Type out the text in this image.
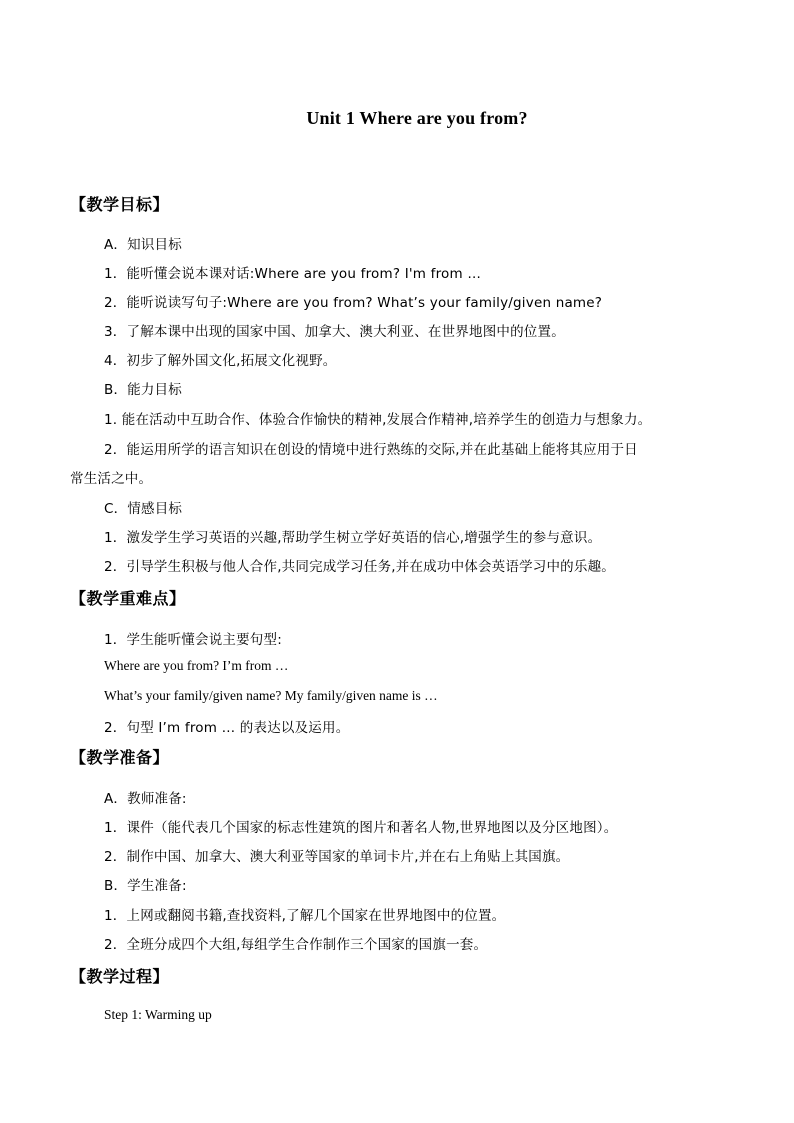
Unit 1 Where are you from?
【教学目标】
A．知识目标
1．能听懂会说本课对话:Where are you from? I'm from …
2．能听说读写句子:Where are you from? What’s your family/given name?
3．了解本课中出现的国家中国、加拿大、澳大利亚、在世界地图中的位置。
4．初步了解外国文化,拓展文化视野。
B．能力目标
1. 能在活动中互助合作、体验合作愉快的精神,发展合作精神,培养学生的创造力与想象力。
2．能运用所学的语言知识在创设的情境中进行熟练的交际,并在此基础上能将其应用于日
常生活之中。
C．情感目标
1．激发学生学习英语的兴趣,帮助学生树立学好英语的信心,增强学生的参与意识。
2．引导学生积极与他人合作,共同完成学习任务,并在成功中体会英语学习中的乐趣。
【教学重难点】
1．学生能听懂会说主要句型:
Where are you from? I’m from …
What’s your family/given name? My family/given name is …
2．句型 I’m from … 的表达以及运用。
【教学准备】
A．教师准备:
1．课件（能代表几个国家的标志性建筑的图片和著名人物,世界地图以及分区地图）。
2．制作中国、加拿大、澳大利亚等国家的单词卡片,并在右上角贴上其国旗。
B．学生准备:
1．上网或翻阅书籍,查找资料,了解几个国家在世界地图中的位置。
2．全班分成四个大组,每组学生合作制作三个国家的国旗一套。
【教学过程】
Step 1: Warming up
